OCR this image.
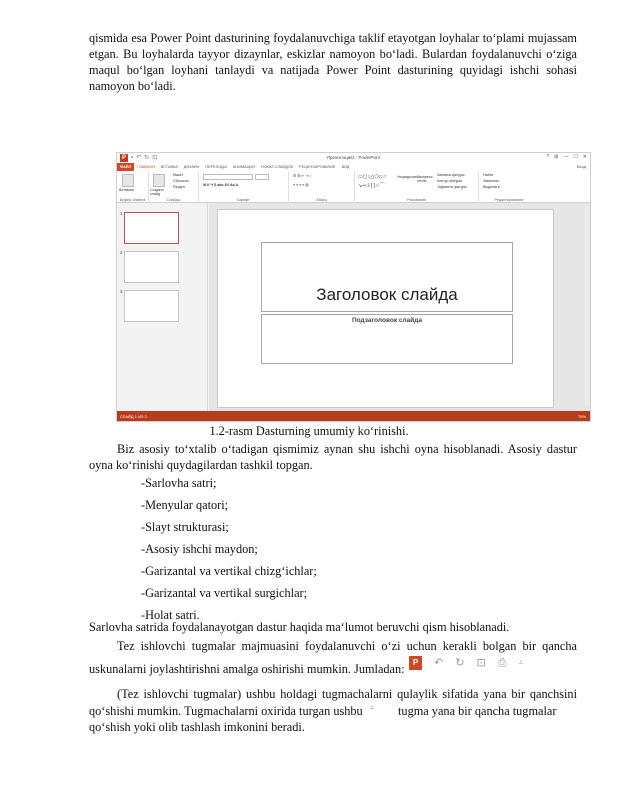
qismida esa Power Point dasturining foydalanuvchiga taklif etayotgan loyhalar to‘plami mujassam etgan. Bu loyhalarda tayyor dizaynlar, eskizlar namoyon bo‘ladi. Bulardan foydalanuvchi o‘ziga maqul bo‘lgan loyhani tanlaydi va natijada Power Point dasturining quyidagi ishchi sohasi namoyon bo‘ladi.

P ▪ ↶ ↻ ⊡	Презентация1 - PowerPoint	? ⊞ — ☐ ✕
ФАЙЛ	ГЛАВНАЯ	ВСТАВКА	ДИЗАЙН	ПЕРЕХОДЫ	АНИМАЦИЯ	ПОКАЗ СЛАЙДОВ	РЕЦЕНЗИРОВАНИЕ	ВИД	Вход
Вставить
Буфер обмена
Создать слайд
Макет
Сбросить
Раздел
Слайды
Ж К Ч S abc AV Aa A
Шрифт
☰ ☰ ⇤ ⇥ ↕
≡ ≡ ≡ ≡ ▥
Абзац
▭▢○△⬠◇☆
↘⇨⇩{ }☆⌒
Упорядочить
Экспресс-стили
Заливка фигуры
Контур фигуры
Эффекты фигуры
Рисование
Найти
Заменить
Выделить
Редактирование
1
2
3	Заголовок слайда
Подзаголовок слайда
СЛАЙД 1 ИЗ 3	76%
1.2-rasm Dasturning umumiy ko‘rinishi.

Biz asosiy to‘xtalib o‘tadigan qismimiz aynan shu ishchi oyna hisoblanadi. Asosiy dastur oyna ko‘rinishi quydagilardan tashkil topgan.

-Sarlovha satri;
-Menyular qatori;
-Slayt strukturasi;
-Asosiy ishchi maydon;
-Garizantal va vertikal chizg‘ichlar;
-Garizantal va vertikal surgichlar;
-Holat satri.
Sarlovha satrida foydalanayotgan dastur haqida ma‘lumot beruvchi qism hisoblanadi.
Tez ishlovchi tugmalar majmuasini foydalanuvchi o‘zi uchun kerakli bolgan bir qancha
uskunalarni joylashtirishni amalga oshirishi mumkin. Jumladan:	P	↶ ↻ ⊡ ⎙ ⩡
(Tez ishlovchi tugmalar) ushbu holdagi tugmachalarni qulaylik sifatida yana bir qanchsini
qo‘shishi mumkin. Tugmachalarni oxirida turgan ushbu ⩡ tugma yana bir qancha tugmalar
qo‘shish yoki olib tashlash imkonini beradi.
